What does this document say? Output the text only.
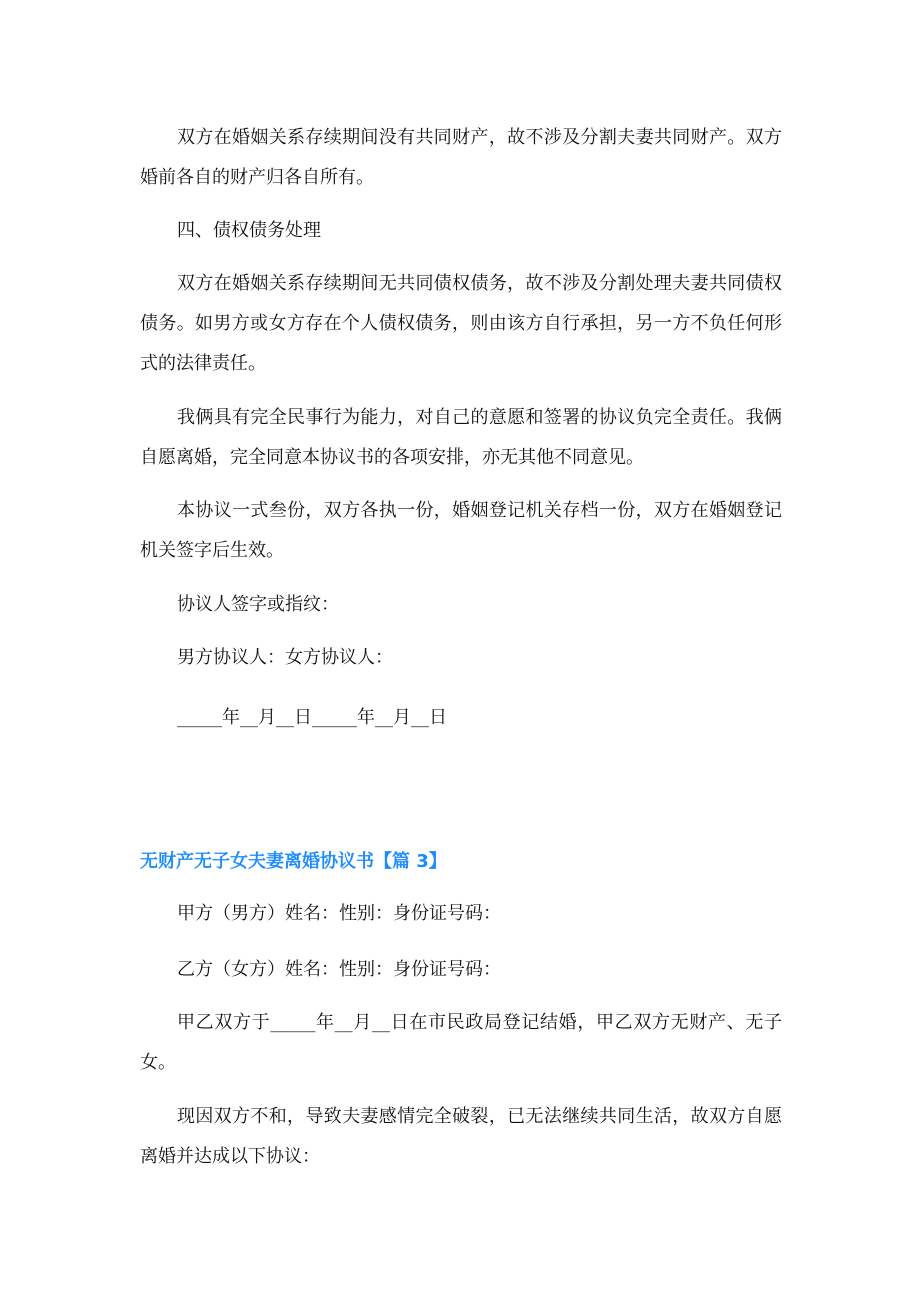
双方在婚姻关系存续期间没有共同财产，故不涉及分割夫妻共同财产。双方婚前各自的财产归各自所有。

四、债权债务处理

双方在婚姻关系存续期间无共同债权债务，故不涉及分割处理夫妻共同债权债务。如男方或女方存在个人债权债务，则由该方自行承担，另一方不负任何形式的法律责任。

我俩具有完全民事行为能力，对自己的意愿和签署的协议负完全责任。我俩自愿离婚，完全同意本协议书的各项安排，亦无其他不同意见。

本协议一式叁份，双方各执一份，婚姻登记机关存档一份，双方在婚姻登记机关签字后生效。

协议人签字或指纹：

男方协议人：女方协议人：

_____年__月__日_____年__月__日

无财产无子女夫妻离婚协议书【篇 3】

甲方（男方）姓名：性别：身份证号码：

乙方（女方）姓名：性别：身份证号码：

甲乙双方于_____年__月__日在市民政局登记结婚，甲乙双方无财产、无子女。

现因双方不和，导致夫妻感情完全破裂，已无法继续共同生活，故双方自愿离婚并达成以下协议：
